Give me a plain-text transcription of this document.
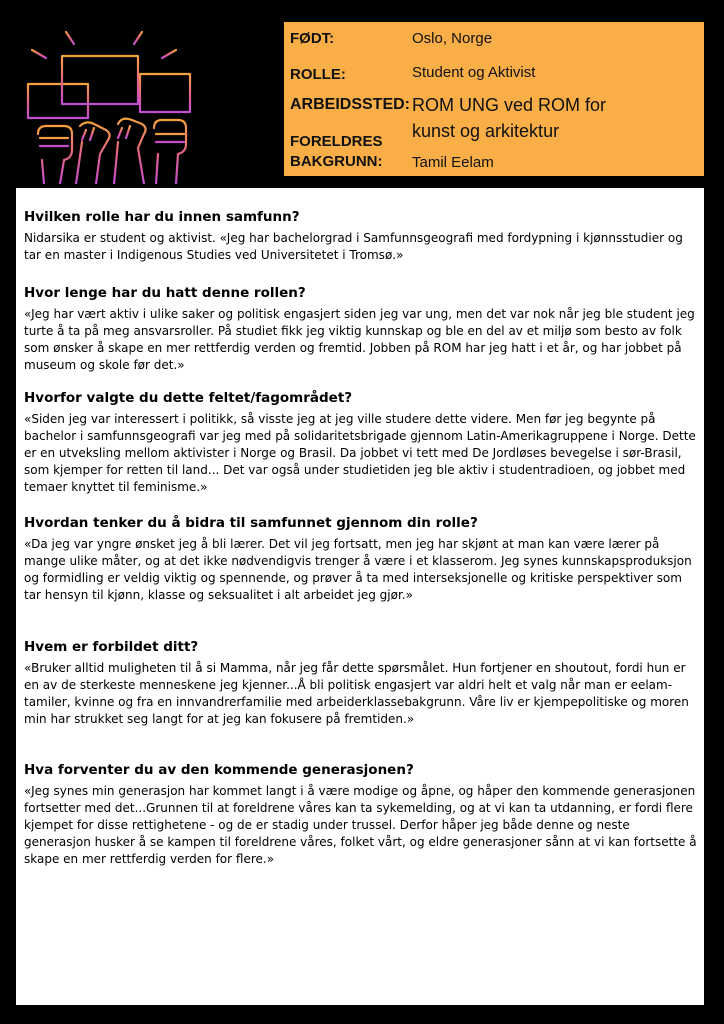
FØDT:	Oslo, Norge
ROLLE:	Student og Aktivist
ARBEIDSSTED: ROM UNG ved ROM for kunst og arkitektur
FORELDRES BAKGRUNN:	Tamil Eelam
Hvilken rolle har du innen samfunn?

Nidarsika er student og aktivist. «Jeg har bachelorgrad i Samfunnsgeografi med fordypning i kjønnsstudier og tar en master i Indigenous Studies ved Universitetet i Tromsø.»

Hvor lenge har du hatt denne rollen?

«Jeg har vært aktiv i ulike saker og politisk engasjert siden jeg var ung, men det var nok når jeg ble student jeg turte å ta på meg ansvarsroller. På studiet fikk jeg viktig kunnskap og ble en del av et miljø som besto av folk som ønsker å skape en mer rettferdig verden og fremtid. Jobben på ROM har jeg hatt i et år, og har jobbet på museum og skole før det.»

Hvorfor valgte du dette feltet/fagområdet?

«Siden jeg var interessert i politikk, så visste jeg at jeg ville studere dette videre. Men før jeg begynte på bachelor i samfunnsgeografi var jeg med på solidaritetsbrigade gjennom Latin-Amerikagruppene i Norge. Dette er en utveksling mellom aktivister i Norge og Brasil. Da jobbet vi tett med De Jordløses bevegelse i sør-Brasil, som kjemper for retten til land... Det var også under studietiden jeg ble aktiv i studentradioen, og jobbet med temaer knyttet til feminisme.»

Hvordan tenker du å bidra til samfunnet gjennom din rolle?

«Da jeg var yngre ønsket jeg å bli lærer. Det vil jeg fortsatt, men jeg har skjønt at man kan være lærer på mange ulike måter, og at det ikke nødvendigvis trenger å være i et klasserom. Jeg synes kunnskapsproduksjon og formidling er veldig viktig og spennende, og prøver å ta med interseksjonelle og kritiske perspektiver som tar hensyn til kjønn, klasse og seksualitet i alt arbeidet jeg gjør.»

Hvem er forbildet ditt?

«Bruker alltid muligheten til å si Mamma, når jeg får dette spørsmålet. Hun fortjener en shoutout, fordi hun er en av de sterkeste menneskene jeg kjenner...Å bli politisk engasjert var aldri helt et valg når man er eelam-tamiler, kvinne og fra en innvandrerfamilie med arbeiderklassebakgrunn. Våre liv er kjempepolitiske og moren min har strukket seg langt for at jeg kan fokusere på fremtiden.»

Hva forventer du av den kommende generasjonen?

«Jeg synes min generasjon har kommet langt i å være modige og åpne, og håper den kommende generasjonen fortsetter med det...Grunnen til at foreldrene våres kan ta sykemelding, og at vi kan ta utdanning, er fordi flere kjempet for disse rettighetene - og de er stadig under trussel. Derfor håper jeg både denne og neste generasjon husker å se kampen til foreldrene våres, folket vårt, og eldre generasjoner sånn at vi kan fortsette å skape en mer rettferdig verden for flere.»
